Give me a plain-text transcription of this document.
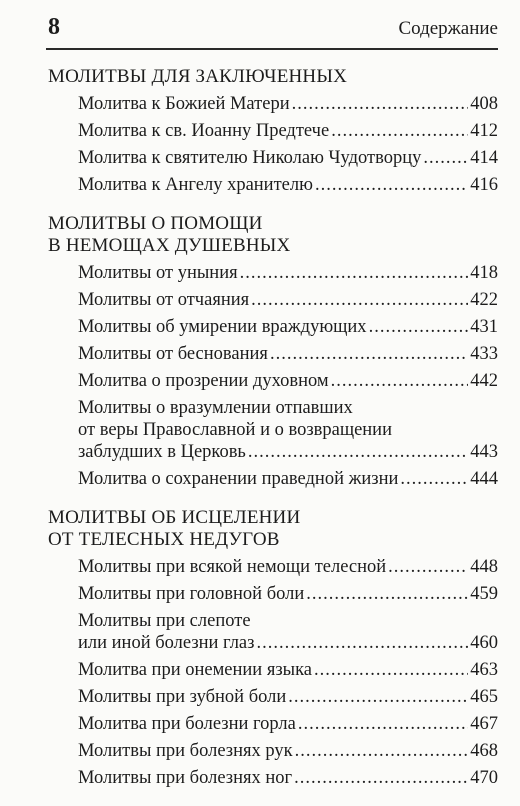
8	Содержание
МОЛИТВЫ ДЛЯ ЗАКЛЮЧЕННЫХ
Молитва к Божией Матери .....	408
Молитва к св. Иоанну Предтече .....	412
Молитва к святителю Николаю Чудотворцу .....	414
Молитва к Ангелу хранителю .....	416
МОЛИТВЫ О ПОМОЩИ
В НЕМОЩАХ ДУШЕВНЫХ
Молитвы от уныния .....	418
Молитвы от отчаяния .....	422
Молитвы об умирении враждующих .....	431
Молитвы от беснования .....	433
Молитва о прозрении духовном .....	442
Молитвы о вразумлении отпавших
от веры Православной и о возвращении
заблудших в Церковь .....	443
Молитва о сохранении праведной жизни .....	444
МОЛИТВЫ ОБ ИСЦЕЛЕНИИ
ОТ ТЕЛЕСНЫХ НЕДУГОВ
Молитвы при всякой немощи телесной .....	448
Молитвы при головной боли .....	459
Молитвы при слепоте
или иной болезни глаз .....	460
Молитва при онемении языка .....	463
Молитвы при зубной боли .....	465
Молитва при болезни горла .....	467
Молитвы при болезнях рук .....	468
Молитвы при болезнях ног .....	470
